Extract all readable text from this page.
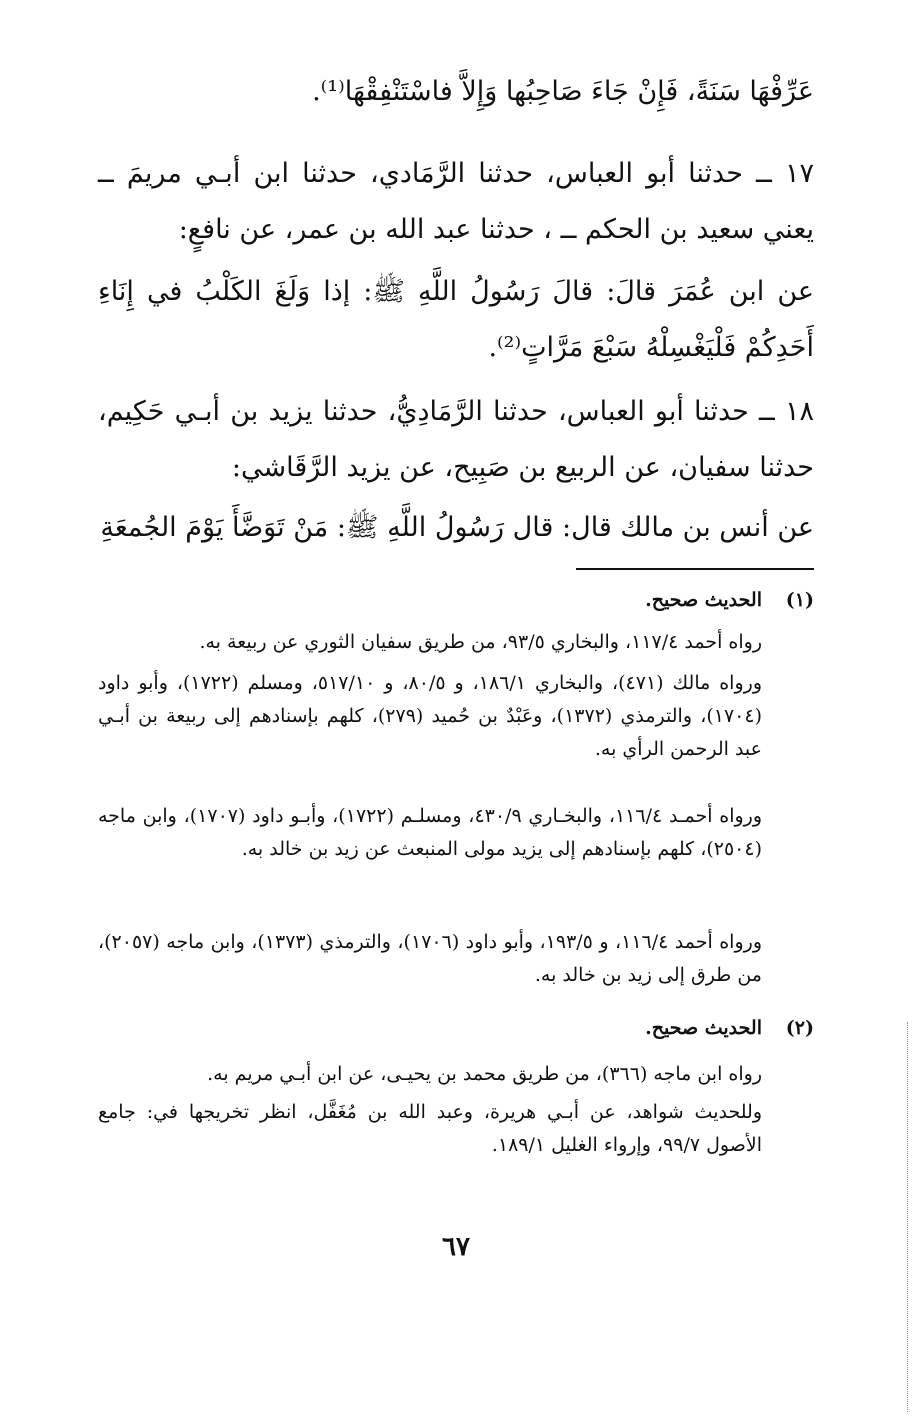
عَرِّفْهَا سَنَةً، فَإِنْ جَاءَ صَاحِبُها وَإِلاَّ فاسْتَنْفِقْهَا⁽¹⁾.

١٧ ــ حدثنا أبو العباس، حدثنا الرَّمَادي، حدثنا ابن أبـي مريمَ ــ يعني سعيد بن الحكم ــ ، حدثنا عبد الله بن عمر، عن نافعٍ:

عن ابن عُمَرَ قالَ: قالَ رَسُولُ اللَّهِ ﷺ: إذا وَلَغَ الكَلْبُ في إِنَاءِ أَحَدِكُمْ فَلْيَغْسِلْهُ سَبْعَ مَرَّاتٍ⁽²⁾.

١٨ ــ حدثنا أبو العباس، حدثنا الرَّمَادِيُّ، حدثنا يزيد بن أبـي حَكِيم، حدثنا سفيان، عن الربيع بن صَبِيح، عن يزيد الرَّقَاشي:

عن أنس بن مالك قال: قال رَسُولُ اللَّهِ ﷺ: مَنْ تَوَضَّأَ يَوْمَ الجُمعَةِ

(١)الحديث صحيح.

رواه أحمد ١١٧/٤، والبخاري ٩٣/٥، من طريق سفيان الثوري عن ربيعة به.

ورواه مالك (٤٧١)، والبخاري ١٨٦/١، و ٨٠/٥، و ٥١٧/١٠، ومسلم (١٧٢٢)، وأبو داود (١٧٠٤)، والترمذي (١٣٧٢)، وعَبْدٌ بن حُميد (٢٧٩)، كلهم بإسنادهم إلى ربيعة بن أبـي عبد الرحمن الرأي به.

ورواه أحمـد ١١٦/٤، والبخـاري ٤٣٠/٩، ومسلـم (١٧٢٢)، وأبـو داود (١٧٠٧)، وابن ماجه (٢٥٠٤)، كلهم بإسنادهم إلى يزيد مولى المنبعث عن زيد بن خالد به.

ورواه أحمد ١١٦/٤، و ١٩٣/٥، وأبو داود (١٧٠٦)، والترمذي (١٣٧٣)، وابن ماجه (٢٠٥٧)، من طرق إلى زيد بن خالد به.

(٢)الحديث صحيح.

رواه ابن ماجه (٣٦٦)، من طريق محمد بن يحيـى، عن ابن أبـي مريم به.

وللحديث شواهد، عن أبـي هريرة، وعبد الله بن مُغَفَّل، انظر تخريجها في: جامع الأصول ٩٩/٧، وإرواء الغليل ١٨٩/١.

٦٧
